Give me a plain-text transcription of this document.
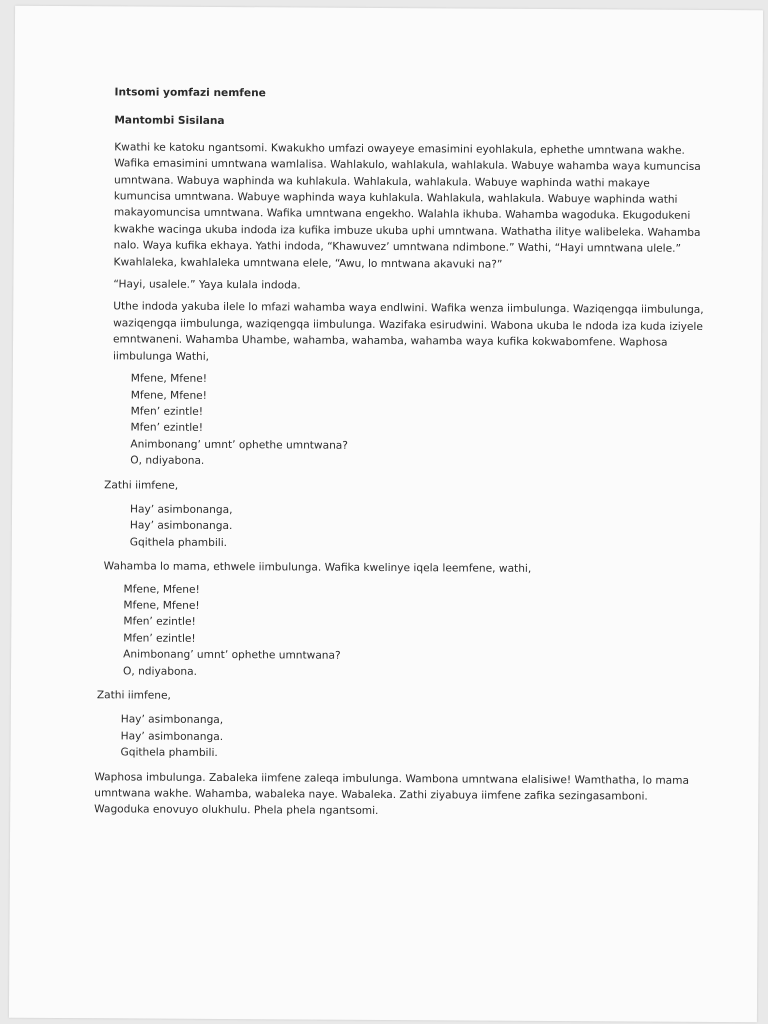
Intsomi yomfazi nemfene
Mantombi Sisilana
Kwathi ke katoku ngantsomi. Kwakukho umfazi owayeye emasimini eyohlakula, ephethe umntwana wakhe. Wafika emasimini umntwana wamlalisa. Wahlakulo, wahlakula, wahlakula. Wabuye wahamba waya kumuncisa umntwana. Wabuya waphinda wa kuhlakula. Wahlakula, wahlakula. Wabuye waphinda wathi makaye kumuncisa umntwana. Wabuye waphinda waya kuhlakula. Wahlakula, wahlakula. Wabuye waphinda wathi makayomuncisa umntwana. Wafika umntwana engekho. Walahla ikhuba. Wahamba wagoduka. Ekugodukeni kwakhe wacinga ukuba indoda iza kufika imbuze ukuba uphi umntwana. Wathatha ilitye walibeleka. Wahamba nalo. Waya kufika ekhaya. Yathi indoda, “Khawuvez’ umntwana ndimbone.” Wathi, “Hayi umntwana ulele.” Kwahlaleka, kwahlaleka umntwana elele, “Awu, lo mntwana akavuki na?”
“Hayi, usalele.” Yaya kulala indoda.
Uthe indoda yakuba ilele lo mfazi wahamba waya endlwini. Wafika wenza iimbulunga. Waziqengqa iimbulunga, waziqengqa iimbulunga, waziqengqa iimbulunga. Wazifaka esirudwini. Wabona ukuba le ndoda iza kuda iziyele emntwaneni. Wahamba Uhambe, wahamba, wahamba, wahamba waya kufika kokwabomfene. Waphosa iimbulunga Wathi,
Mfene, Mfene!
Mfene, Mfene!
Mfen’ ezintle!
Mfen’ ezintle!
Animbonang’ umnt’ ophethe umntwana?
O, ndiyabona.
Zathi iimfene,
Hay’ asimbonanga,
Hay’ asimbonanga.
Gqithela phambili.
Wahamba lo mama, ethwele iimbulunga. Wafika kwelinye iqela leemfene, wathi,
Mfene, Mfene!
Mfene, Mfene!
Mfen’ ezintle!
Mfen’ ezintle!
Animbonang’ umnt’ ophethe umntwana?
O, ndiyabona.
Zathi iimfene,
Hay’ asimbonanga,
Hay’ asimbonanga.
Gqithela phambili.
Waphosa imbulunga. Zabaleka iimfene zaleqa imbulunga. Wambona umntwana elalisiwe! Wamthatha, lo mama umntwana wakhe. Wahamba, wabaleka naye. Wabaleka. Zathi ziyabuya iimfene zafika sezingasamboni. Wagoduka enovuyo olukhulu. Phela phela ngantsomi.
